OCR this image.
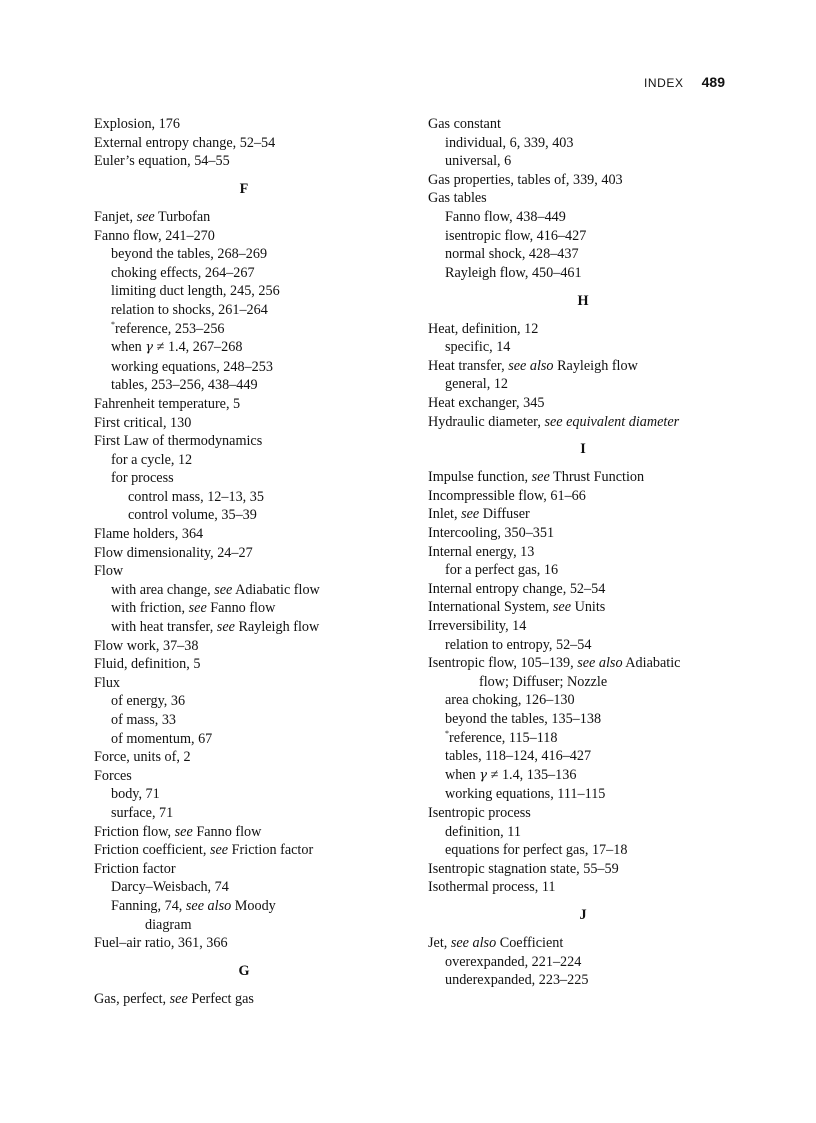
INDEX 489
Explosion, 176
External entropy change, 52–54
Euler’s equation, 54–55
F
Fanjet, see Turbofan
Fanno flow, 241–270
beyond the tables, 268–269
choking effects, 264–267
limiting duct length, 245, 256
relation to shocks, 261–264
*reference, 253–256
when γ ≠ 1.4, 267–268
working equations, 248–253
tables, 253–256, 438–449
Fahrenheit temperature, 5
First critical, 130
First Law of thermodynamics
for a cycle, 12
for process
control mass, 12–13, 35
control volume, 35–39
Flame holders, 364
Flow dimensionality, 24–27
Flow
with area change, see Adiabatic flow
with friction, see Fanno flow
with heat transfer, see Rayleigh flow
Flow work, 37–38
Fluid, definition, 5
Flux
of energy, 36
of mass, 33
of momentum, 67
Force, units of, 2
Forces
body, 71
surface, 71
Friction flow, see Fanno flow
Friction coefficient, see Friction factor
Friction factor
Darcy–Weisbach, 74
Fanning, 74, see also Moody
diagram
Fuel–air ratio, 361, 366
G
Gas, perfect, see Perfect gas
Gas constant
individual, 6, 339, 403
universal, 6
Gas properties, tables of, 339, 403
Gas tables
Fanno flow, 438–449
isentropic flow, 416–427
normal shock, 428–437
Rayleigh flow, 450–461
H
Heat, definition, 12
specific, 14
Heat transfer, see also Rayleigh flow
general, 12
Heat exchanger, 345
Hydraulic diameter, see equivalent diameter
I
Impulse function, see Thrust Function
Incompressible flow, 61–66
Inlet, see Diffuser
Intercooling, 350–351
Internal energy, 13
for a perfect gas, 16
Internal entropy change, 52–54
International System, see Units
Irreversibility, 14
relation to entropy, 52–54
Isentropic flow, 105–139, see also Adiabatic
flow; Diffuser; Nozzle
area choking, 126–130
beyond the tables, 135–138
*reference, 115–118
tables, 118–124, 416–427
when γ ≠ 1.4, 135–136
working equations, 111–115
Isentropic process
definition, 11
equations for perfect gas, 17–18
Isentropic stagnation state, 55–59
Isothermal process, 11
J
Jet, see also Coefficient
overexpanded, 221–224
underexpanded, 223–225
